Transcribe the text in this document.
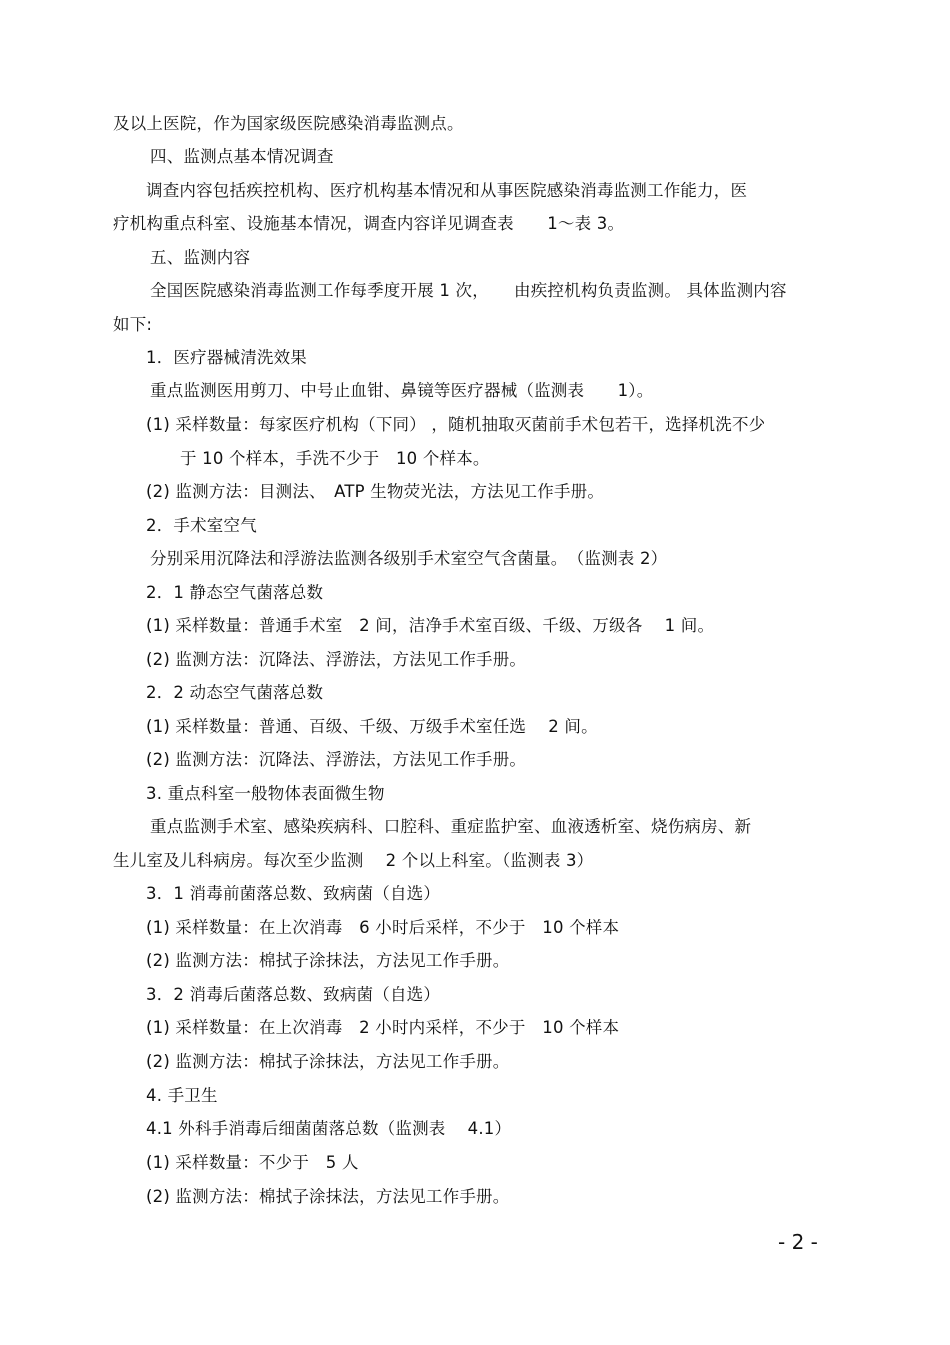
及以上医院，作为国家级医院感染消毒监测点。
四、监测点基本情况调查
调查内容包括疾控机构、医疗机构基本情况和从事医院感染消毒监测工作能力，医
疗机构重点科室、设施基本情况，调查内容详见调查表　　1～表 3。
五、监测内容
全国医院感染消毒监测工作每季度开展 1 次，　　由疾控机构负责监测。 具体监测内容
如下:
1．医疗器械清洗效果
重点监测医用剪刀、中号止血钳、鼻镜等医疗器械（监测表　　1）。
(1) 采样数量：每家医疗机构（下同） ，随机抽取灭菌前手术包若干，选择机洗不少
于 10 个样本，手洗不少于　10 个样本。
(2) 监测方法：目测法、　ATP 生物荧光法，方法见工作手册。
2．手术室空气
分别采用沉降法和浮游法监测各级别手术室空气含菌量。　（监测表 2）
2．1 静态空气菌落总数
(1) 采样数量：普通手术室　2 间，洁净手术室百级、千级、万级各　 1 间。
(2) 监测方法：沉降法、浮游法，方法见工作手册。
2．2 动态空气菌落总数
(1) 采样数量：普通、百级、千级、万级手术室任选　 2 间。
(2) 监测方法：沉降法、浮游法，方法见工作手册。
3. 重点科室一般物体表面微生物
重点监测手术室、感染疾病科、口腔科、重症监护室、血液透析室、烧伤病房、新
生儿室及儿科病房。每次至少监测　 2 个以上科室。（监测表 3）
3．1 消毒前菌落总数、致病菌（自选）
(1) 采样数量：在上次消毒　6 小时后采样，不少于　10 个样本
(2) 监测方法：棉拭子涂抹法，方法见工作手册。
3．2 消毒后菌落总数、致病菌（自选）
(1) 采样数量：在上次消毒　2 小时内采样，不少于　10 个样本
(2) 监测方法：棉拭子涂抹法，方法见工作手册。
4. 手卫生
4.1 外科手消毒后细菌菌落总数（监测表　 4.1）
(1) 采样数量：不少于　5 人
(2) 监测方法：棉拭子涂抹法，方法见工作手册。
- 2 -
